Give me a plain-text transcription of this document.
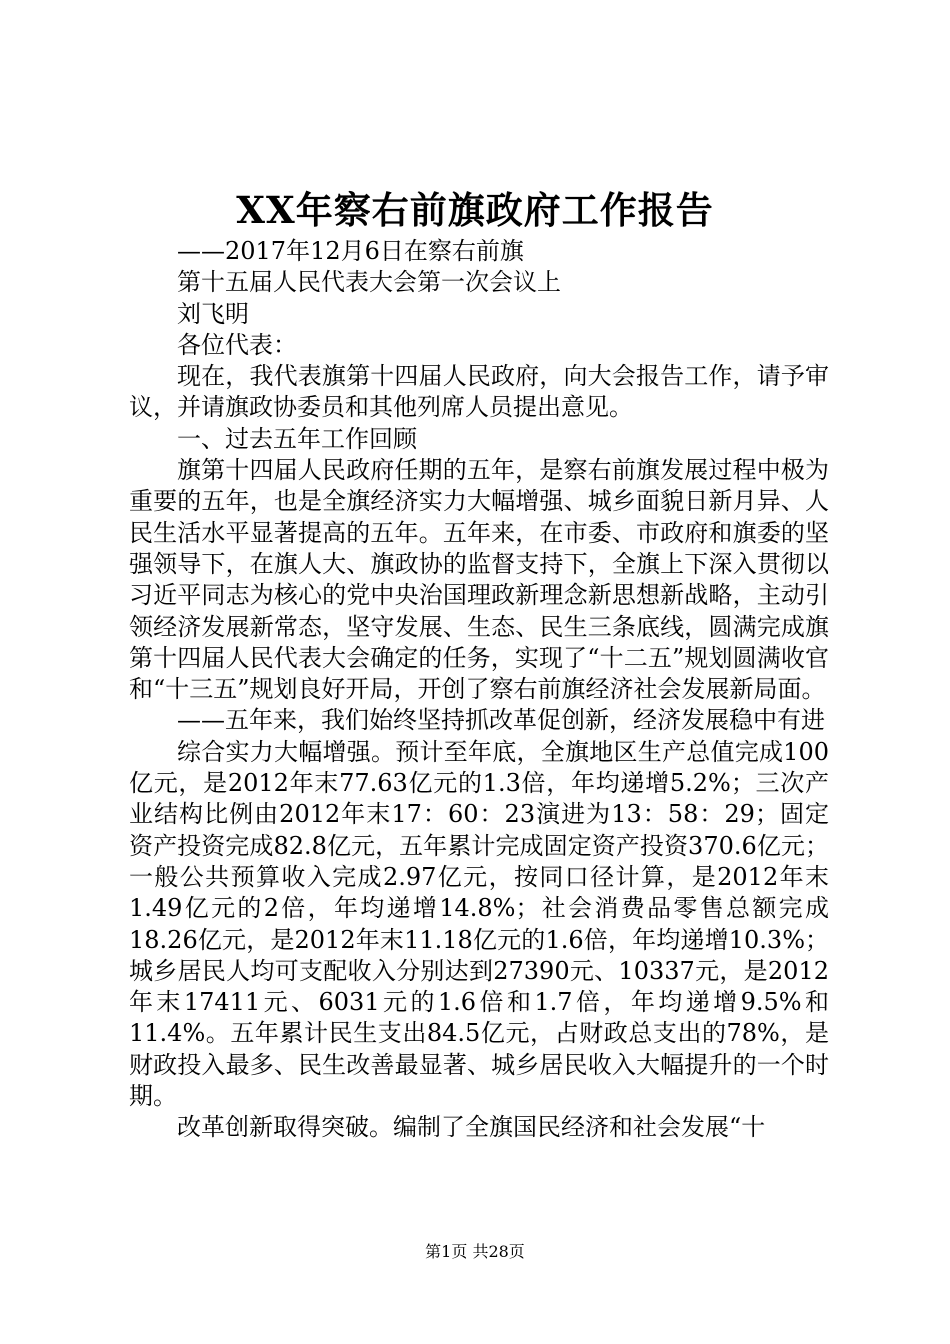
XX年察右前旗政府工作报告

——2017年12月6日在察右前旗

第十五届人民代表大会第一次会议上

刘飞明

各位代表：

现在，我代表旗第十四届人民政府，向大会报告工作，请予审议，并请旗政协委员和其他列席人员提出意见。

一、过去五年工作回顾

旗第十四届人民政府任期的五年，是察右前旗发展过程中极为重要的五年，也是全旗经济实力大幅增强、城乡面貌日新月异、人民生活水平显著提高的五年。五年来，在市委、市政府和旗委的坚强领导下，在旗人大、旗政协的监督支持下，全旗上下深入贯彻以习近平同志为核心的党中央治国理政新理念新思想新战略，主动引领经济发展新常态，坚守发展、生态、民生三条底线，圆满完成旗第十四届人民代表大会确定的任务，实现了“十二五”规划圆满收官和“十三五”规划良好开局，开创了察右前旗经济社会发展新局面。

——五年来，我们始终坚持抓改革促创新，经济发展稳中有进

综合实力大幅增强。预计至年底，全旗地区生产总值完成100亿元，是2012年末77.63亿元的1.3倍，年均递增5.2%；三次产业结构比例由2012年末17：60：23演进为13：58：29；固定资产投资完成82.8亿元，五年累计完成固定资产投资370.6亿元；一般公共预算收入完成2.97亿元，按同口径计算，是2012年末1.49亿元的2倍，年均递增14.8%；社会消费品零售总额完成18.26亿元，是2012年末11.18亿元的1.6倍，年均递增10.3%；城乡居民人均可支配收入分别达到27390元、10337元，是2012年末17411元、6031元的1.6倍和1.7倍，年均递增9.5%和11.4%。五年累计民生支出84.5亿元，占财政总支出的78%，是财政投入最多、民生改善最显著、城乡居民收入大幅提升的一个时期。

改革创新取得突破。编制了全旗国民经济和社会发展“十

第1页 共28页
